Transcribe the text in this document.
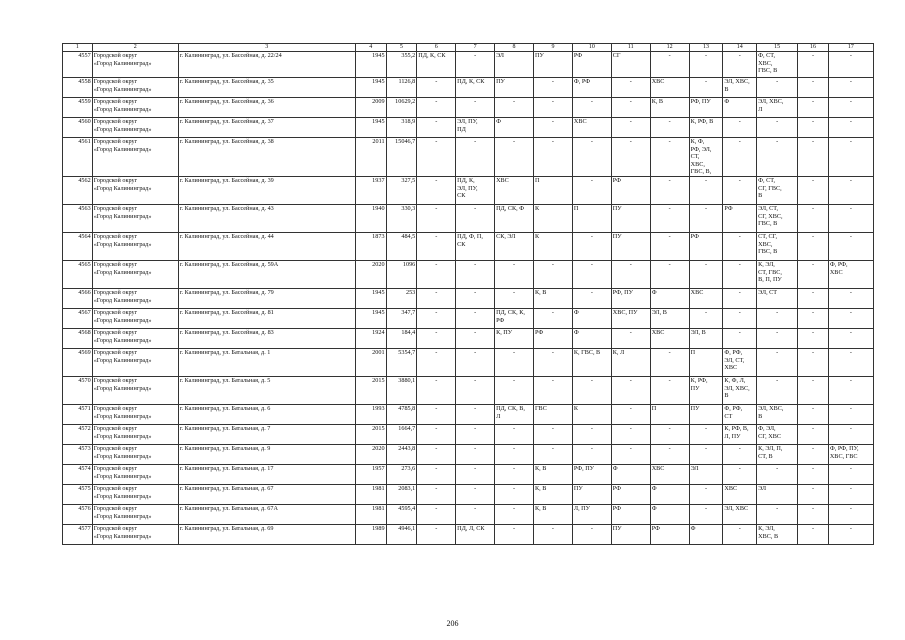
1	2	3	4	5	6	7	8	9	10	11	12	13	14	15	16	17
4557	Городской округ
«Город Калининград»	г. Калининград, ул. Бассейная, д. 22/24	1945	355,2	ПД, К, СК	-	ЭЛ	ПУ	РФ	СГ	-	-	-	Ф, СТ,
ХВС,
ГВС, В	-	-
4558	Городской округ
«Город Калининград»	г. Калининград, ул. Бассейная, д. 35	1945	1126,8	-	ПД, К, СК	ПУ	-	Ф, РФ	-	ХВС	-	ЭЛ, ХВС,
В	-	-	-
4559	Городской округ
«Город Калининград»	г. Калининград, ул. Бассейная, д. 36	2009	10629,2	-	-	-	-	-	-	К, В	РФ, ПУ	Ф	ЭЛ, ХВС,
Л	-	-
4560	Городской округ
«Город Калининград»	г. Калининград, ул. Бассейная, д. 37	1945	318,9	-	ЭЛ, ПУ,
ПД	Ф	-	ХВС	-	-	К, РФ, В	-	-	-	-
4561	Городской округ
«Город Калининград»	г. Калининград, ул. Бассейная, д. 38	2011	15046,7	-	-	-	-	-	-	-	К, Ф,
РФ, ЭЛ,
СТ,
ХВС,
ГВС, В,	-	-	-	-
4562	Городской округ
«Город Калининград»	г. Калининград, ул. Бассейная, д. 39	1937	327,5	-	ПД, К,
ЭЛ, ПУ,
СК	ХВС	П	-	РФ	-	-	-	Ф, СТ,
СГ, ГВС,
В	-	-
4563	Городской округ
«Город Калининград»	г. Калининград, ул. Бассейная, д. 43	1940	330,3	-	-	ПД, СК, Ф	К	П	ПУ	-	-	РФ	ЭЛ, СТ,
СГ, ХВС,
ГВС, В	-	-
4564	Городской округ
«Город Калининград»	г. Калининград, ул. Бассейная, д. 44	1873	484,5	-	ПД, Ф, П,
СК	СК, ЭЛ	К	-	ПУ	-	РФ	-	СТ, СГ,
ХВС,
ГВС, В	-	-
4565	Городской округ
«Город Калининград»	г. Калининград, ул. Бассейная, д. 59А	2020	1096	-	-	-	-	-	-	-	-	-	К, ЭЛ,
СТ, ГВС,
В, П, ПУ	-	Ф, РФ,
ХВС
4566	Городской округ
«Город Калининград»	г. Калининград, ул. Бассейная, д. 79	1945	253	-	-	-	К, В	-	РФ, ПУ	Ф	ХВС	-	ЭЛ, СТ	-	-
4567	Городской округ
«Город Калининград»	г. Калининград, ул. Бассейная, д. 81	1945	347,7	-	-	ПД, СК, К,
РФ	-	Ф	ХВС, ПУ	ЭЛ, В	-	-	-	-	-
4568	Городской округ
«Город Калининград»	г. Калининград, ул. Бассейная, д. 83	1924	184,4	-	-	К, ПУ	РФ	Ф	-	ХВС	ЭЛ, В	-	-	-	-
4569	Городской округ
«Город Калининград»	г. Калининград, ул. Батальная, д. 1	2001	5354,7	-	-	-	-	К, ГВС, В	К, Л	-	П	Ф, РФ,
ЭЛ, СТ,
ХВС	-	-	-
4570	Городской округ
«Город Калининград»	г. Калининград, ул. Батальная, д. 5	2015	3880,1	-	-	-	-	-	-	-	К, РФ,
ПУ	К, Ф, Л,
ЭЛ, ХВС,
В	-	-	-
4571	Городской округ
«Город Калининград»	г. Калининград, ул. Батальная, д. 6	1993	4785,8	-	-	ПД, СК, В,
Л	ГВС	К	-	П	ПУ	Ф, РФ,
СТ	ЭЛ, ХВС,
В	-	-
4572	Городской округ
«Город Калининград»	г. Калининград, ул. Батальная, д. 7	2015	1664,7	-	-	-	-	-	-	-	-	К, РФ, В,
Л, ПУ	Ф, ЭЛ,
СГ, ХВС	-	-
4573	Городской округ
«Город Калининград»	г. Калининград, ул. Батальная, д. 9	2020	2443,8	-	-	-	-	-	-	-	-	-	К, ЭЛ, П,
СТ, В	-	Ф, РФ, ПУ,
ХВС, ГВС
4574	Городской округ
«Город Калининград»	г. Калининград, ул. Батальная, д. 17	1957	273,6	-	-	-	К, В	РФ, ПУ	Ф	ХВС	ЭЛ	-	-	-	-
4575	Городской округ
«Город Калининград»	г. Калининград, ул. Батальная, д. 67	1981	2083,1	-	-	-	К, В	ПУ	РФ	Ф	-	ХВС	ЭЛ	-	-
4576	Городской округ
«Город Калининград»	г. Калининград, ул. Батальная, д. 67А	1981	4595,4	-	-	-	К, В	Л, ПУ	РФ	Ф	-	ЭЛ, ХВС	-	-	-
4577	Городской округ
«Город Калининград»	г. Калининград, ул. Батальная, д. 69	1989	4946,1	-	ПД, Л, СК	-	-	-	ПУ	РФ	Ф	-	К, ЭЛ,
ХВС, В	-	-
206
